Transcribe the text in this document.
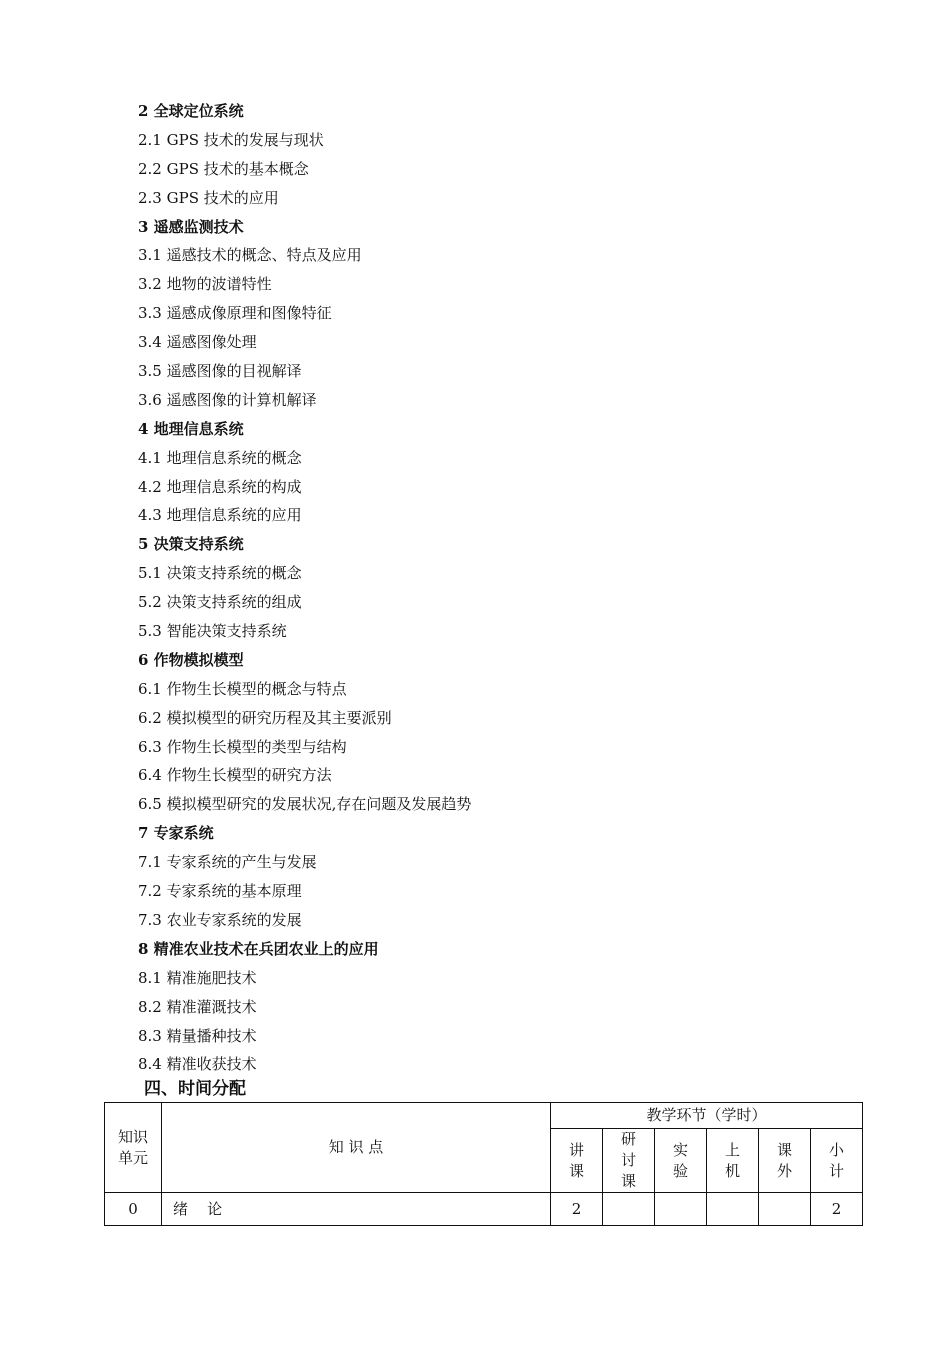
2 全球定位系统
2.1 GPS 技术的发展与现状
2.2 GPS 技术的基本概念
2.3 GPS 技术的应用
3 遥感监测技术
3.1 遥感技术的概念、特点及应用
3.2 地物的波谱特性
3.3 遥感成像原理和图像特征
3.4 遥感图像处理
3.5 遥感图像的目视解译
3.6 遥感图像的计算机解译
4 地理信息系统
4.1 地理信息系统的概念
4.2 地理信息系统的构成
4.3 地理信息系统的应用
5 决策支持系统
5.1 决策支持系统的概念
5.2 决策支持系统的组成
5.3 智能决策支持系统
6 作物模拟模型
6.1 作物生长模型的概念与特点
6.2 模拟模型的研究历程及其主要派别
6.3 作物生长模型的类型与结构
6.4 作物生长模型的研究方法
6.5 模拟模型研究的发展状况,存在问题及发展趋势
7 专家系统
7.1 专家系统的产生与发展
7.2 专家系统的基本原理
7.3 农业专家系统的发展
8 精准农业技术在兵团农业上的应用
8.1 精准施肥技术
8.2 精准灌溉技术
8.3 精量播种技术
8.4 精准收获技术
四、时间分配
知识单元	知 识 点	教学环节（学时）					
		讲课	研讨课	实验	上机	课外	小计
0	绪    论	2					2
